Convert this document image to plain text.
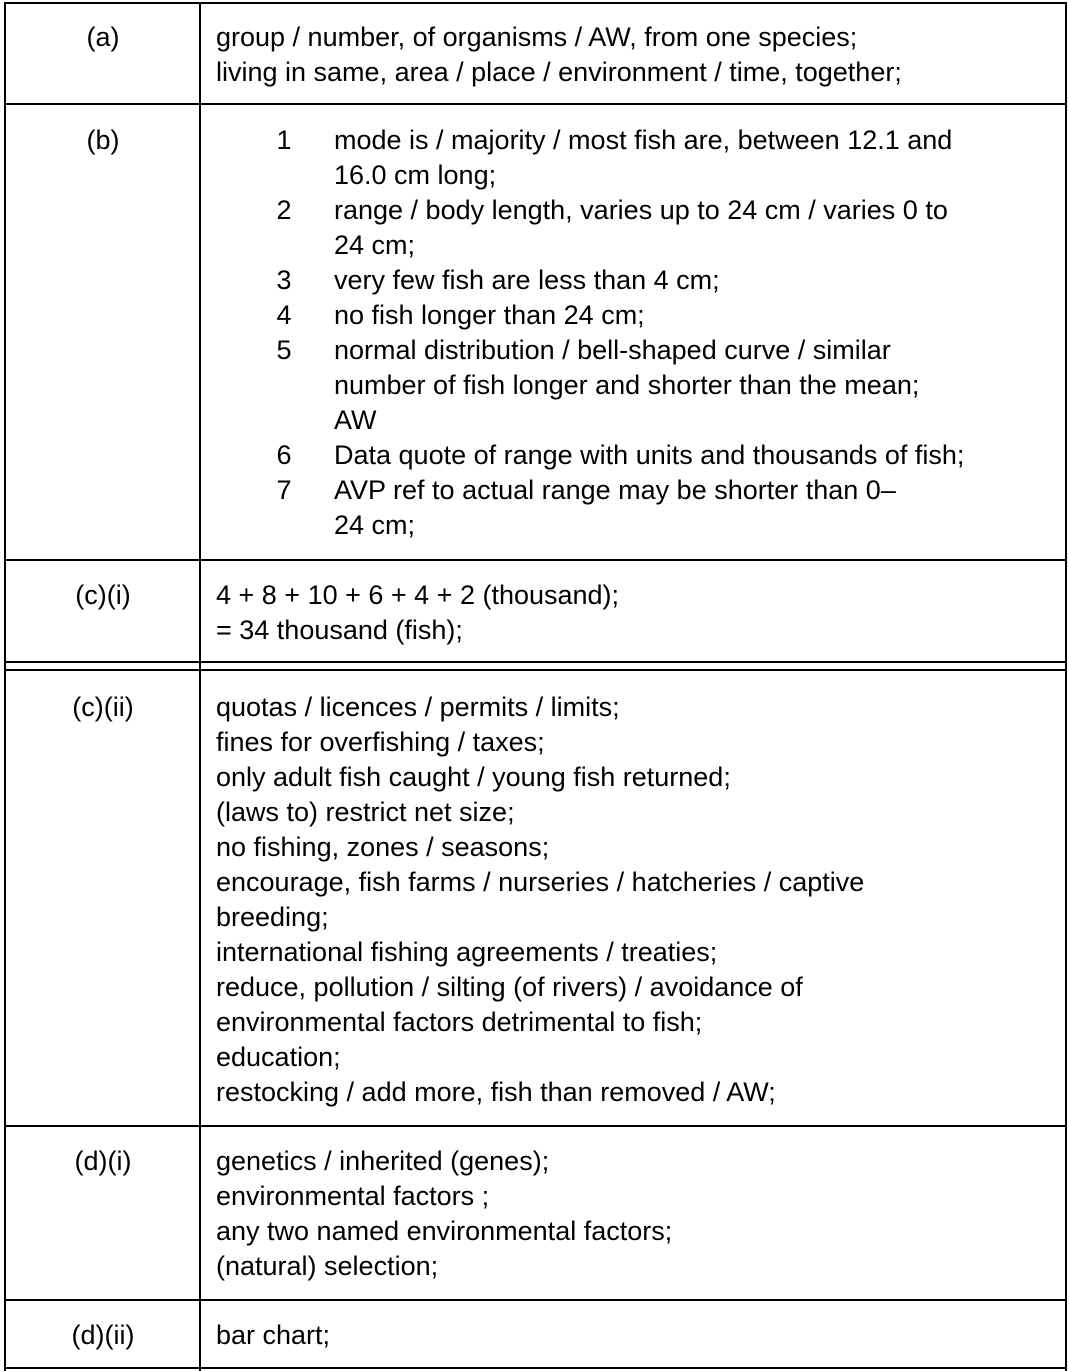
(a)	group / number, of organisms / AW, from one species;
living in same, area / place / environment / time, together;
(b)	1 mode is / majority / most fish are, between 12.1 and
16.0 cm long;
2 range / body length, varies up to 24 cm / varies 0 to
24 cm;
3 very few fish are less than 4 cm;
4 no fish longer than 24 cm;
5 normal distribution / bell-shaped curve / similar
number of fish longer and shorter than the mean;
AW
6 Data quote of range with units and thousands of fish;
7 AVP ref to actual range may be shorter than 0–
24 cm;
(c)(i)	4 + 8 + 10 + 6 + 4 + 2 (thousand);
= 34 thousand (fish);
(c)(ii)	quotas / licences / permits / limits;
fines for overfishing / taxes;
only adult fish caught / young fish returned;
(laws to) restrict net size;
no fishing, zones / seasons;
encourage, fish farms / nurseries / hatcheries / captive
breeding;
international fishing agreements / treaties;
reduce, pollution / silting (of rivers) / avoidance of
environmental factors detrimental to fish;
education;
restocking / add more, fish than removed / AW;
(d)(i)	genetics / inherited (genes);
environmental factors ;
any two named environmental factors;
(natural) selection;
(d)(ii)	bar chart;
